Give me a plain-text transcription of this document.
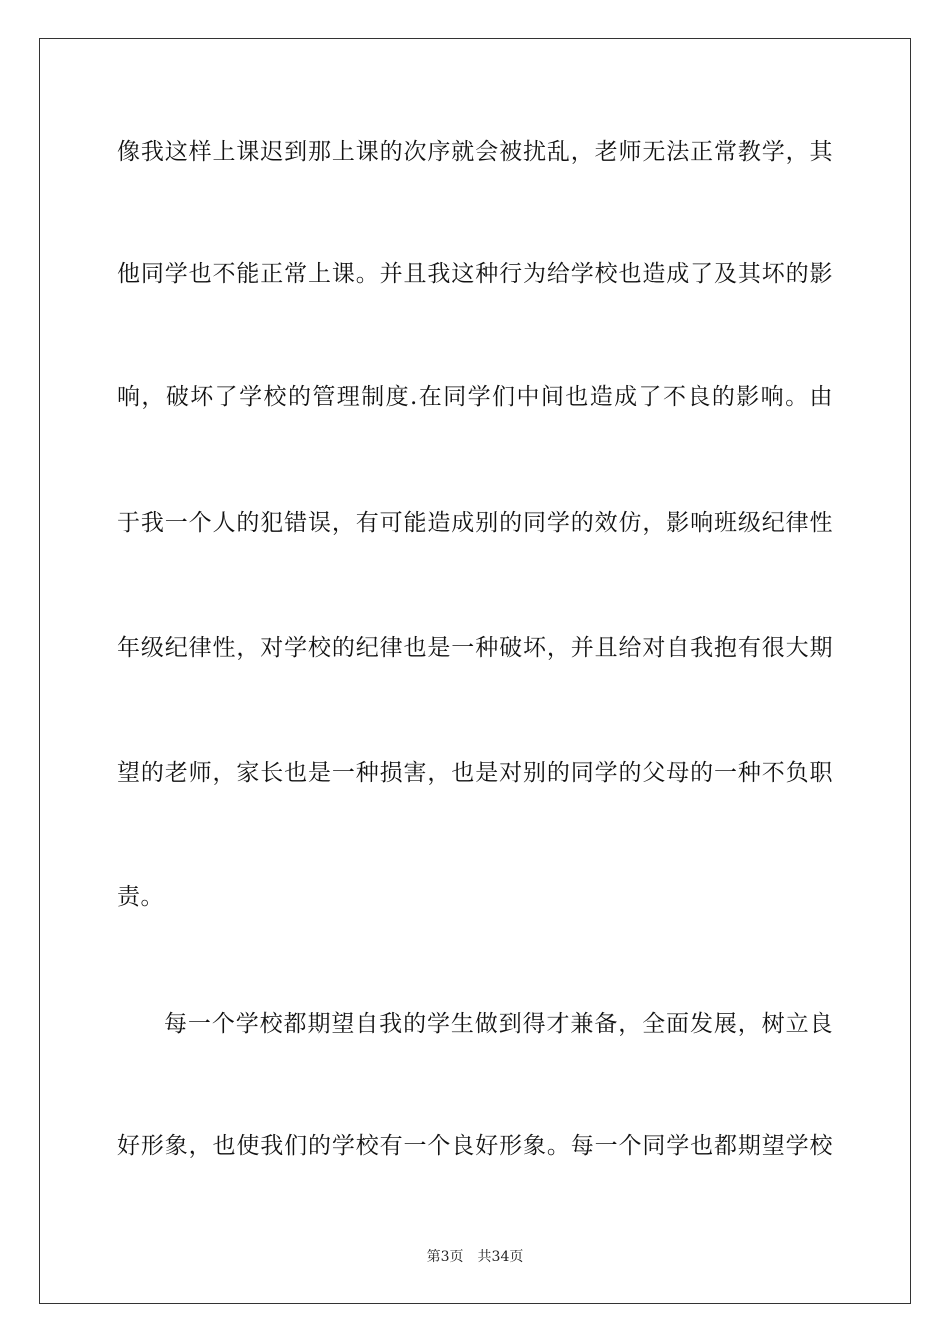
像我这样上课迟到那上课的次序就会被扰乱，老师无法正常教学，其
他同学也不能正常上课。并且我这种行为给学校也造成了及其坏的影
响，破坏了学校的管理制度.在同学们中间也造成了不良的影响。由
于我一个人的犯错误，有可能造成别的同学的效仿，影响班级纪律性
年级纪律性，对学校的纪律也是一种破坏，并且给对自我抱有很大期
望的老师，家长也是一种损害，也是对别的同学的父母的一种不负职
责。
每一个学校都期望自我的学生做到得才兼备，全面发展，树立良
好形象，也使我们的学校有一个良好形象。每一个同学也都期望学校
第3页 共34页
